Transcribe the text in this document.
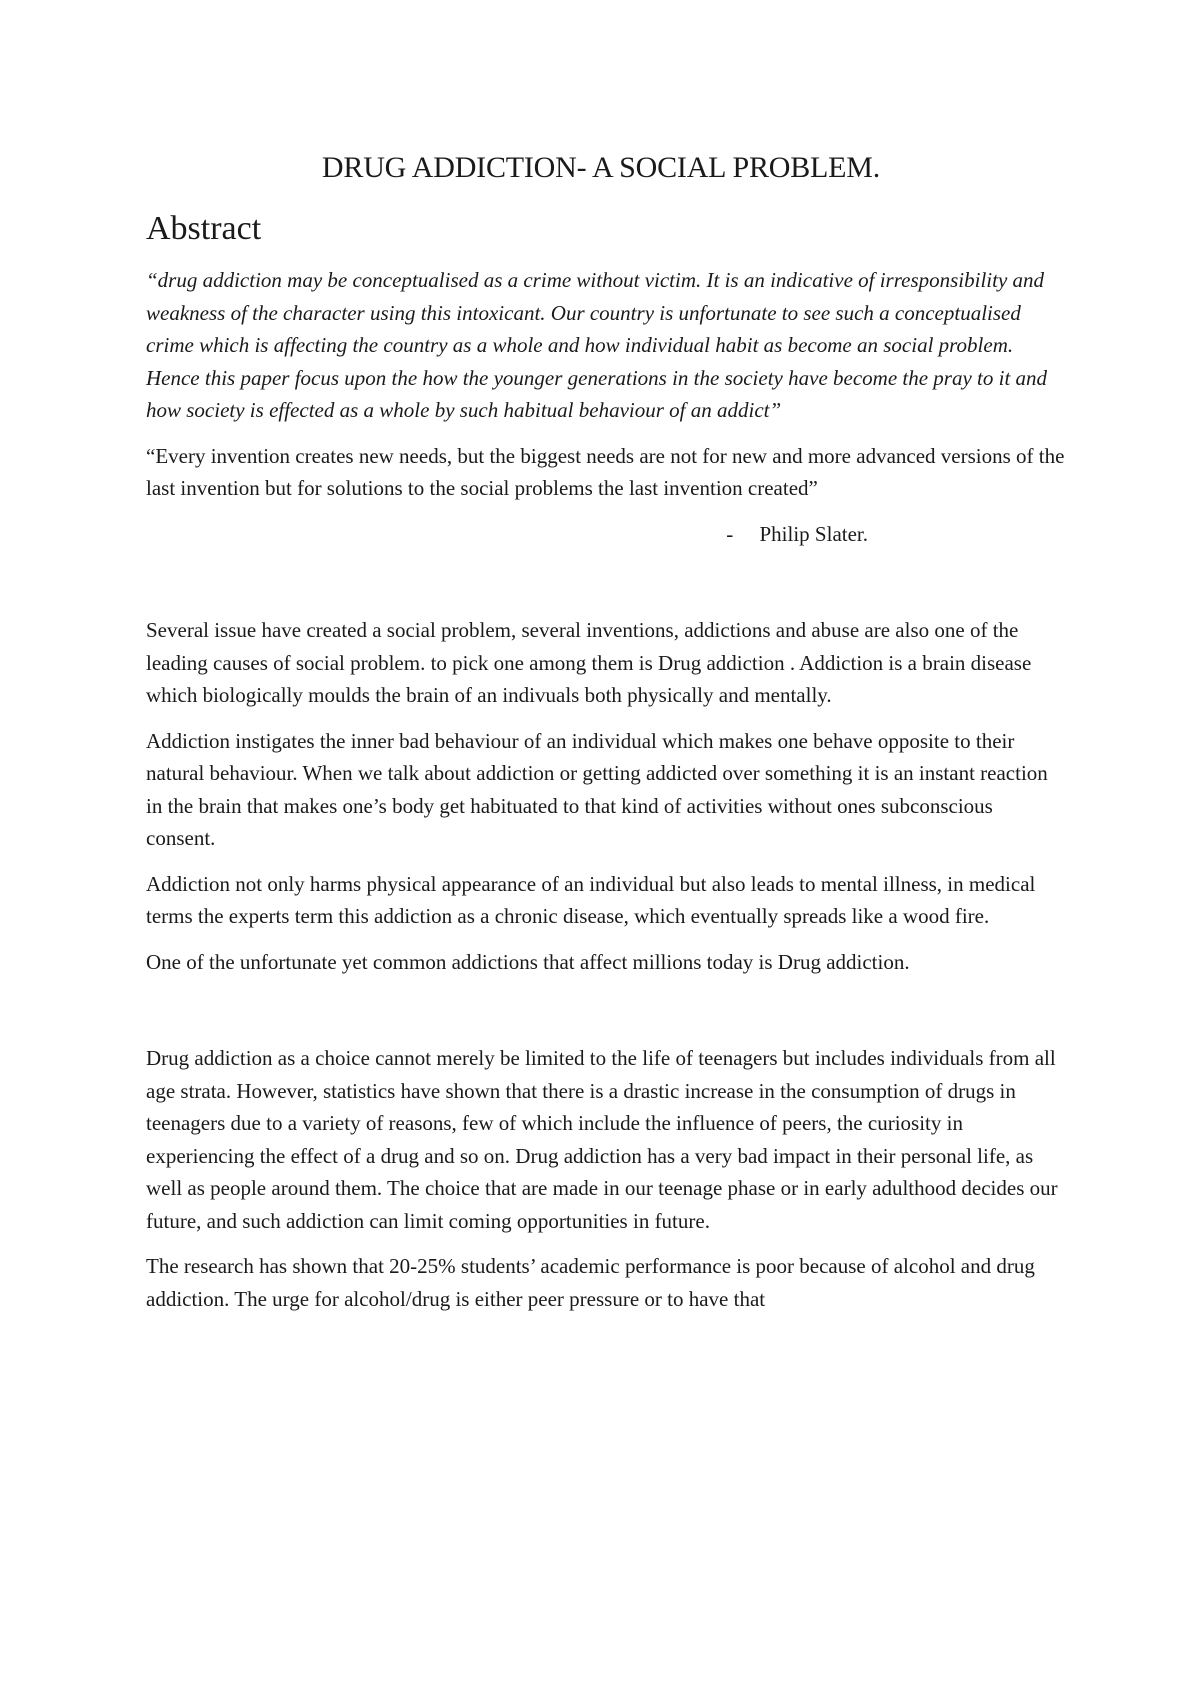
DRUG ADDICTION- A SOCIAL PROBLEM.
Abstract

“drug addiction may be conceptualised as a crime without victim. It is an indicative of irresponsibility and weakness of the character using this intoxicant. Our country is unfortunate to see such a conceptualised crime which is affecting the country as a whole and how individual habit as become an social problem. Hence this paper focus upon the how the younger generations in the society have become the pray to it and how society is effected as a whole by such habitual behaviour of an addict”

“Every invention creates new needs, but the biggest needs are not for new and more advanced versions of the last invention but for solutions to the social problems the last invention created”

-     Philip Slater.

Several issue have created a social problem, several inventions, addictions and abuse are also one of the leading causes of social problem. to pick one among them is Drug addiction . Addiction is a brain disease which biologically moulds the brain of an indivuals both physically and mentally.

Addiction instigates the inner bad behaviour of an individual which makes one behave opposite to their natural behaviour. When we talk about addiction or getting addicted over something it is an instant reaction in the brain that makes one’s body get habituated to that kind of activities without ones subconscious consent.

Addiction not only harms physical appearance of an individual but also leads to mental illness, in medical terms the experts term this addiction as a chronic disease, which eventually spreads like a wood fire.

One of the unfortunate yet common addictions that affect millions today is Drug addiction.

Drug addiction as a choice cannot merely be limited to the life of teenagers but includes individuals from all age strata. However, statistics have shown that there is a drastic increase in the consumption of drugs in teenagers due to a variety of reasons, few of which include the influence of peers, the curiosity in experiencing the effect of a drug and so on. Drug addiction has a very bad impact in their personal life, as well as people around them. The choice that are made in our teenage phase or in early adulthood decides our future, and such addiction can limit coming opportunities in future.

The research has shown that 20-25% students’ academic performance is poor because of alcohol and drug addiction. The urge for alcohol/drug is either peer pressure or to have that
